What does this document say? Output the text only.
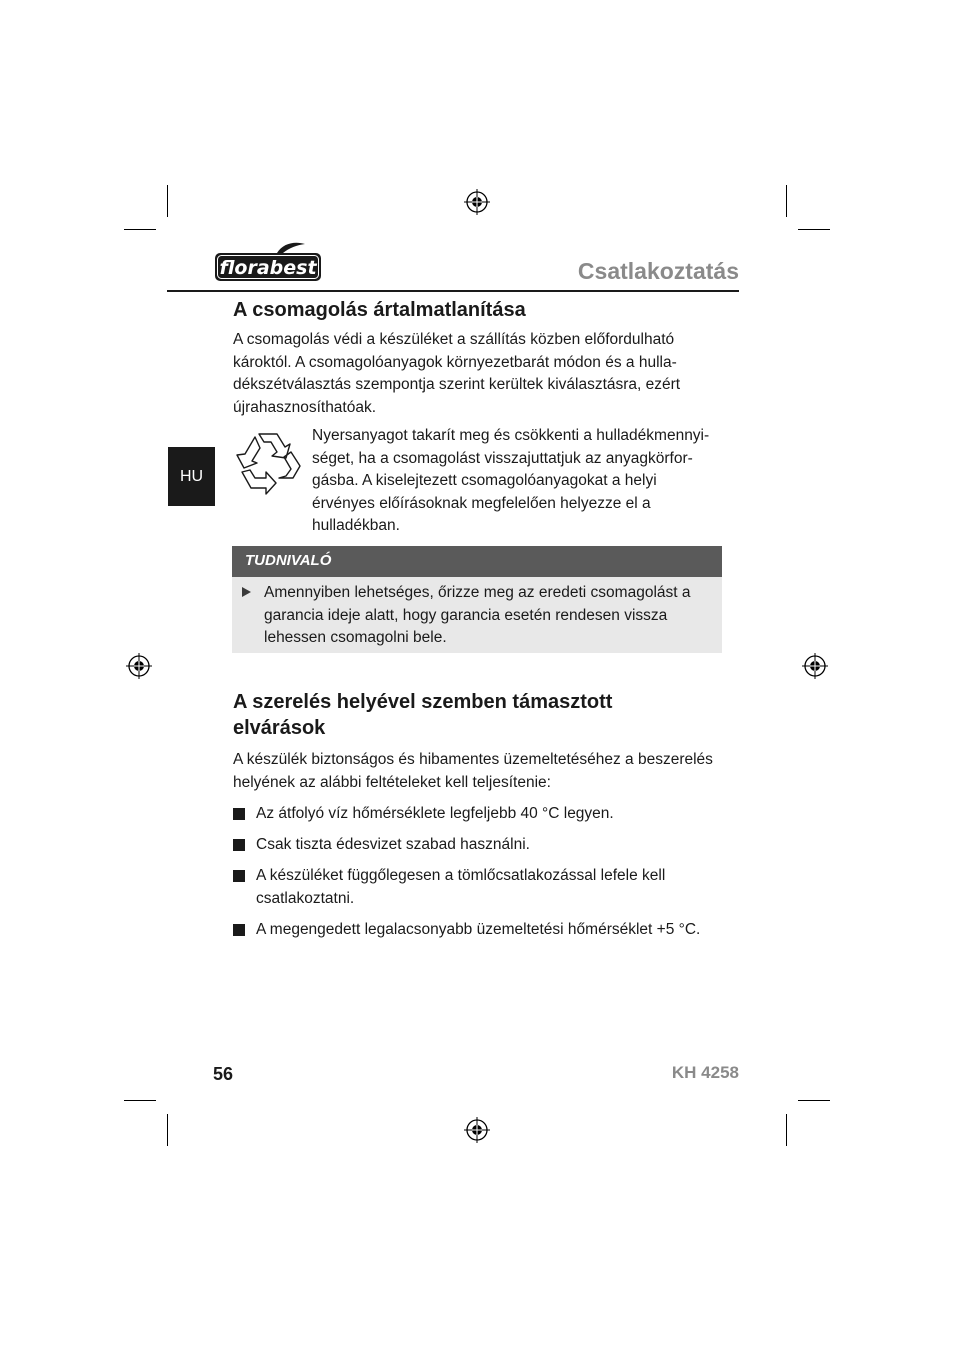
florabest	Csatlakoztatás
HU
A csomagolás ártalmatlanítása

A csomagolás védi a készüléket a szállítás közben előfordulható

károktól. A csomagolóanyagok környezetbarát módon és a hulla-

dékszétválasztás szempontja szerint kerültek kiválasztásra, ezért

újrahasznosíthatóak.

Nyersanyagot takarít meg és csökkenti a hulladékmennyi-

séget, ha a csomagolást visszajuttatjuk az anyagkörfor-

gásba. A kiselejtezett csomagolóanyagokat a helyi

érvényes előírásoknak megfelelően helyezze el a

hulladékban.

TUDNIVALÓ

Amennyiben lehetséges, őrizze meg az eredeti csomagolást a

garancia ideje alatt, hogy garancia esetén rendesen vissza

lehessen csomagolni bele.

A szerelés helyével szemben támasztott
elvárások

A készülék biztonságos és hibamentes üzemeltetéséhez a beszerelés

helyének az alábbi feltételeket kell teljesítenie:

Az átfolyó víz hőmérséklete legfeljebb 40 °C legyen.

Csak tiszta édesvizet szabad használni.

A készüléket függőlegesen a tömlőcsatlakozással lefele kell

csatlakoztatni.

A megengedett legalacsonyabb üzemeltetési hőmérséklet +5 °C.

56	KH 4258
